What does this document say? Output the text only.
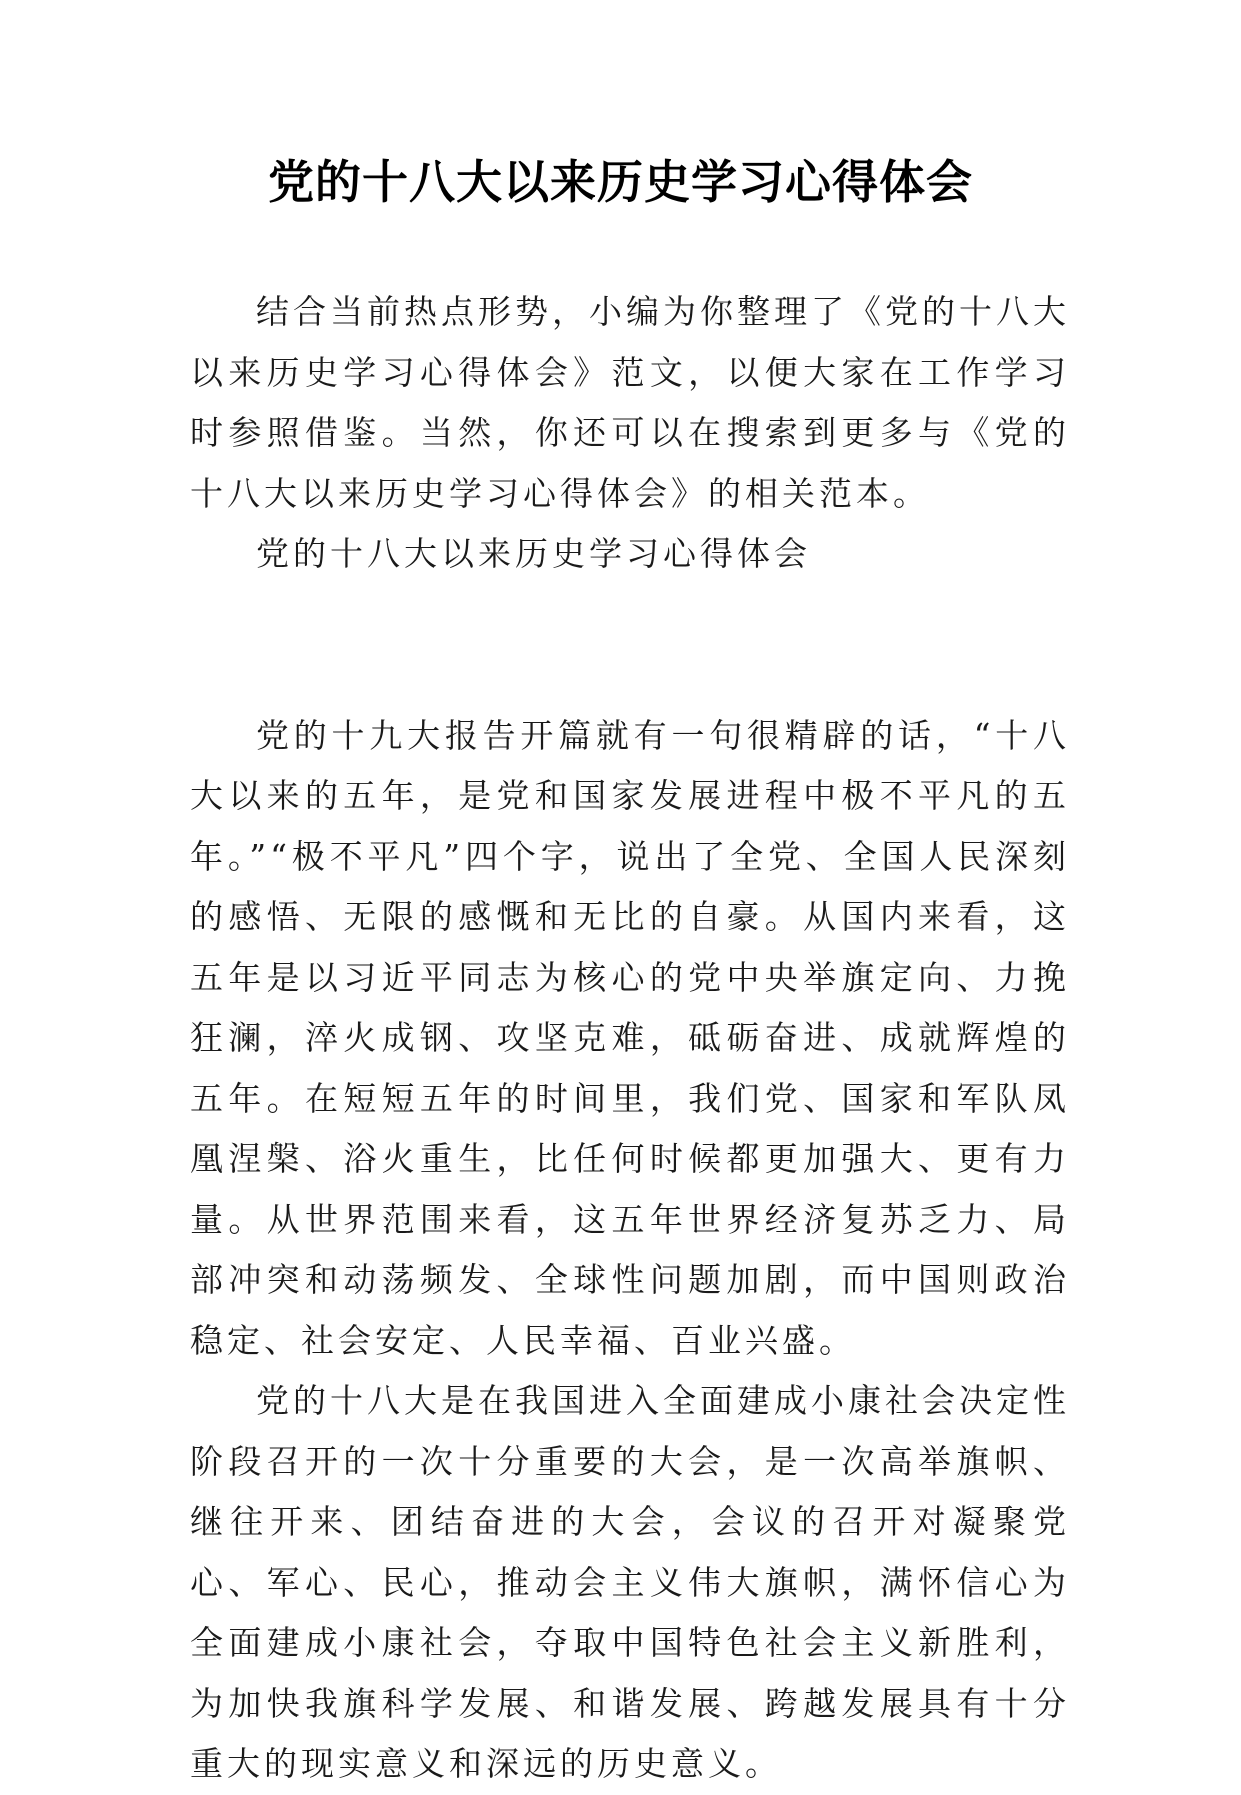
党的十八大以来历史学习心得体会

结合当前热点形势，小编为你整理了《党的十八大以来历史学习心得体会》范文，以便大家在工作学习时参照借鉴。当然，你还可以在搜索到更多与《党的十八大以来历史学习心得体会》的相关范本。

党的十八大以来历史学习心得体会

党的十九大报告开篇就有一句很精辟的话，“十八大以来的五年，是党和国家发展进程中极不平凡的五年。”“极不平凡”四个字，说出了全党、全国人民深刻的感悟、无限的感慨和无比的自豪。从国内来看，这五年是以习近平同志为核心的党中央举旗定向、力挽狂澜，淬火成钢、攻坚克难，砥砺奋进、成就辉煌的五年。在短短五年的时间里，我们党、国家和军队凤凰涅槃、浴火重生，比任何时候都更加强大、更有力量。从世界范围来看，这五年世界经济复苏乏力、局部冲突和动荡频发、全球性问题加剧，而中国则政治稳定、社会安定、人民幸福、百业兴盛。

党的十八大是在我国进入全面建成小康社会决定性阶段召开的一次十分重要的大会，是一次高举旗帜、继往开来、团结奋进的大会，会议的召开对凝聚党心、军心、民心，推动会主义伟大旗帜，满怀信心为全面建成小康社会，夺取中国特色社会主义新胜利，为加快我旗科学发展、和谐发展、跨越发展具有十分重大的现实意义和深远的历史意义。
